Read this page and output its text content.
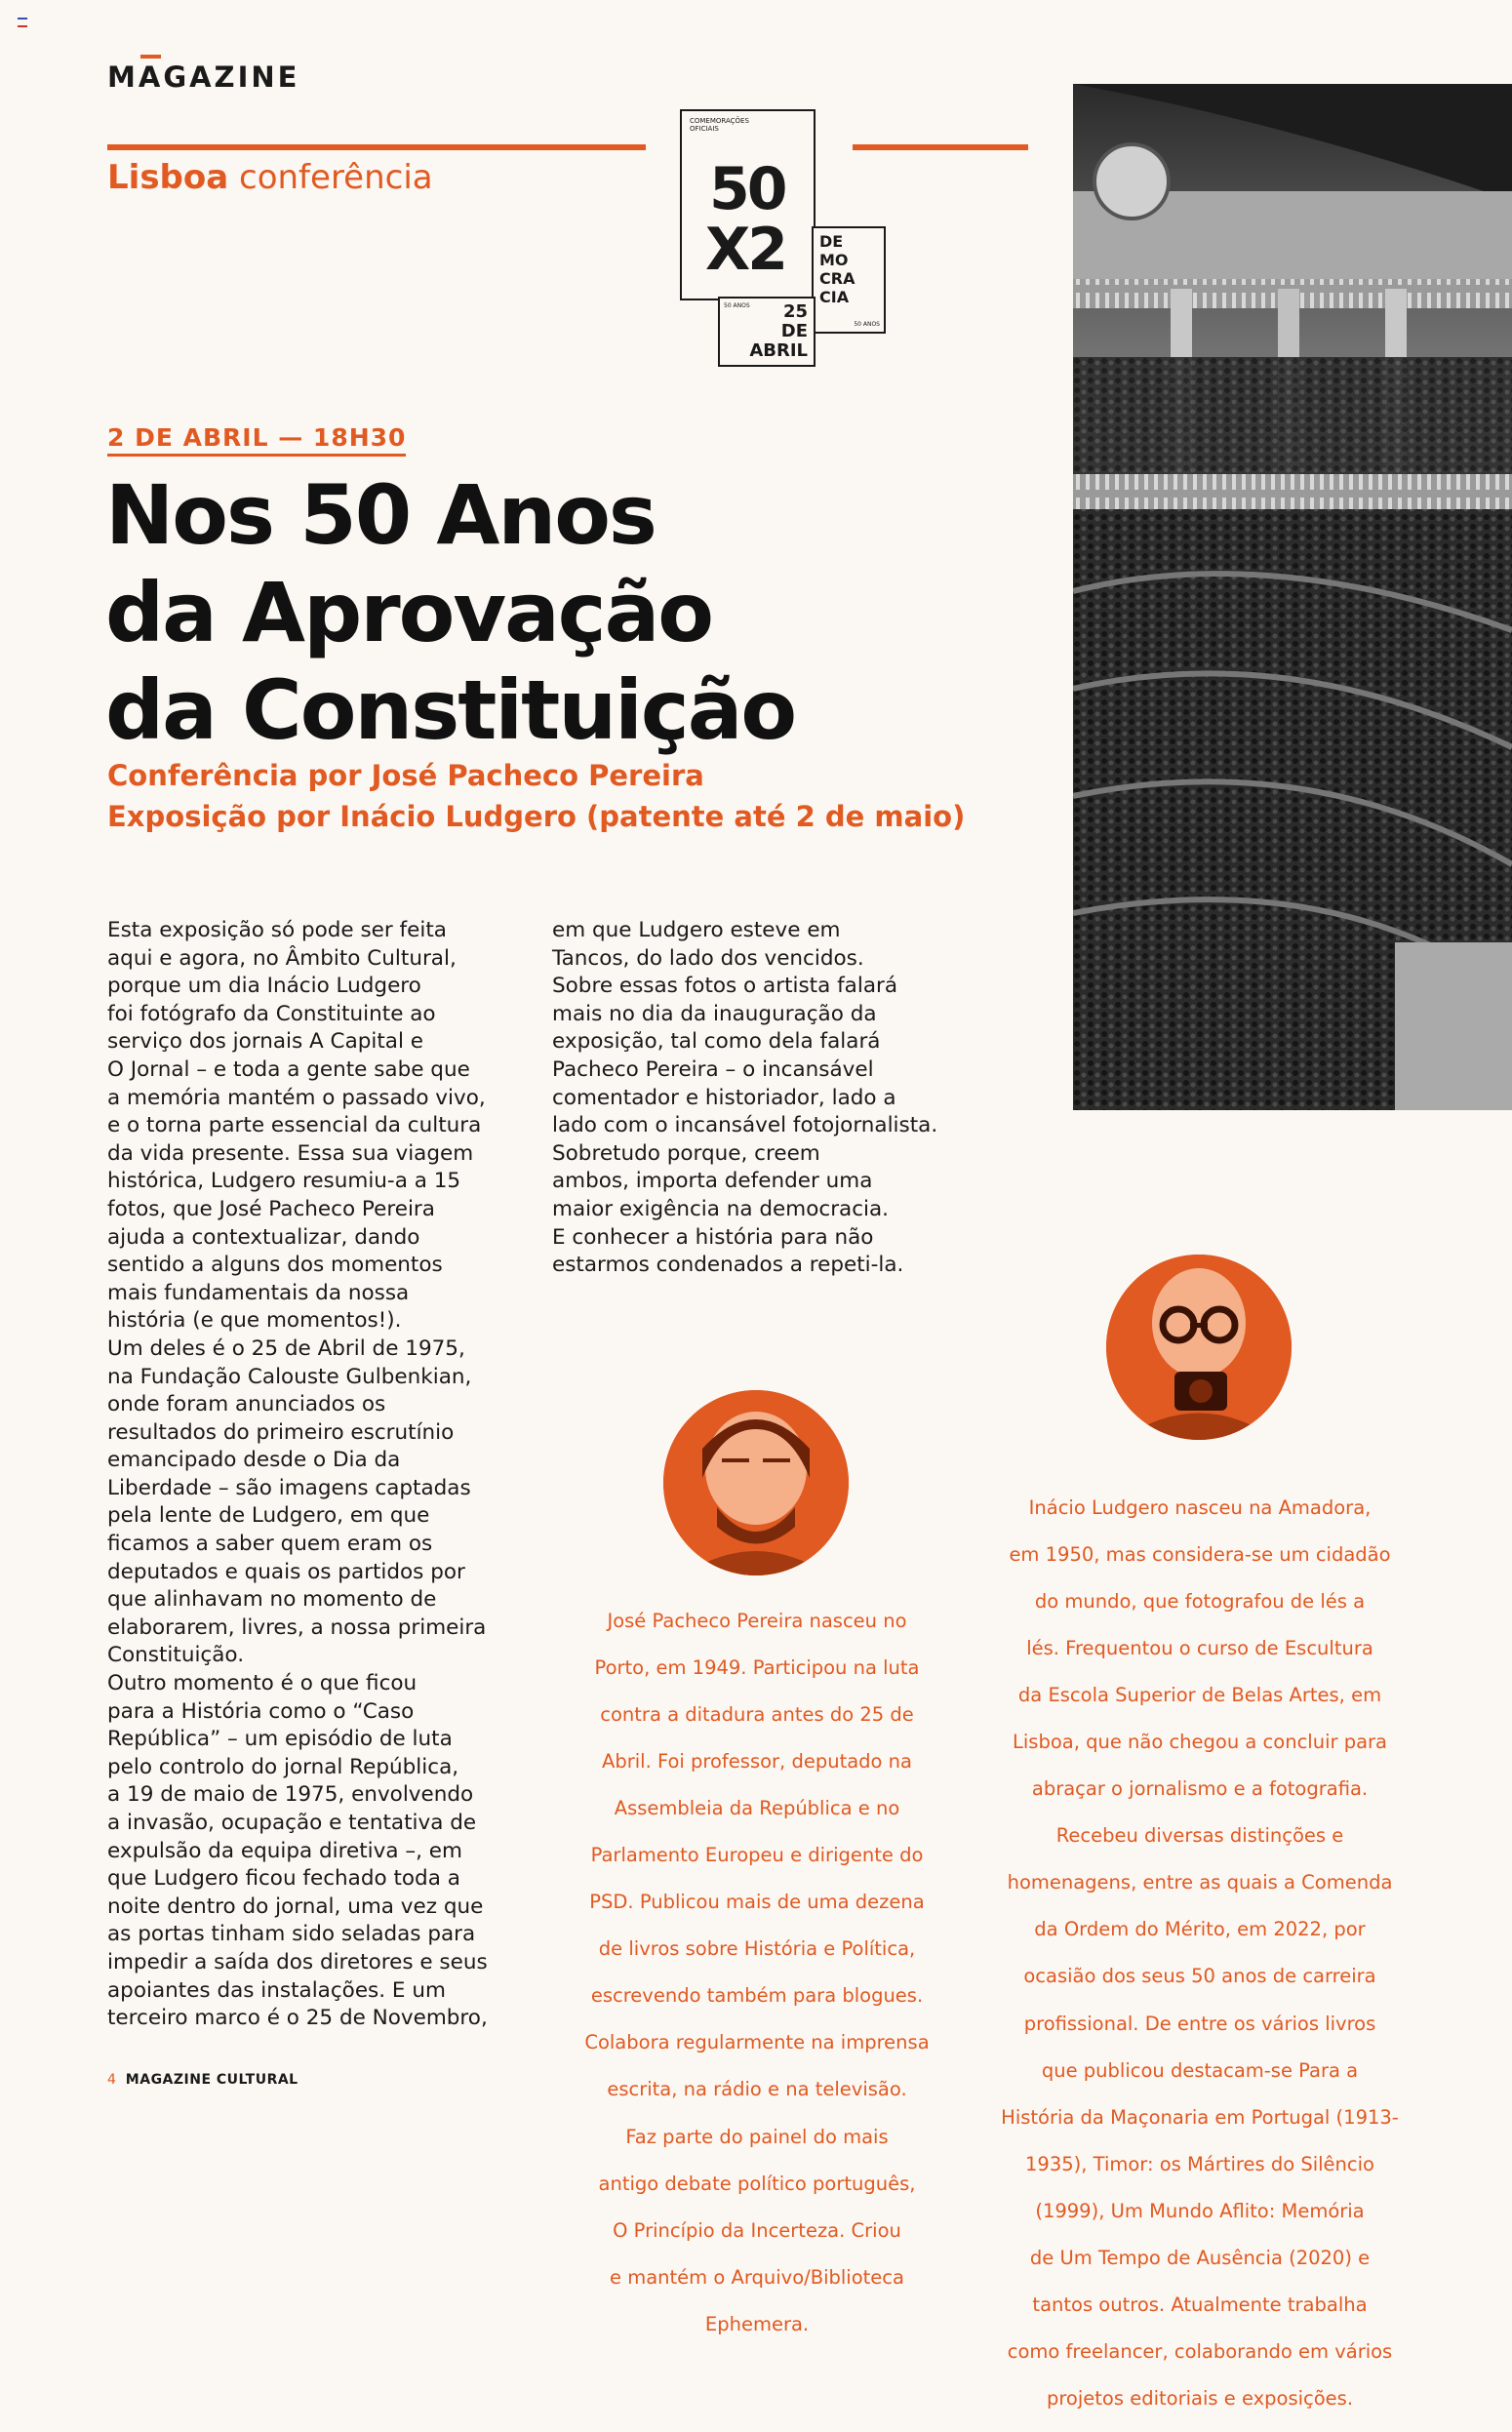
MAGAZINE
Lisboa conferência
COMEMORAÇÕES OFICIAIS
50
X2 DE
MO
CRA
CIA
50 ANOS
50 ANOS	25
DE
ABRIL
2 DE ABRIL — 18H30
Nos 50 Anos
da Aprovação
da Constituição
Conferência por José Pacheco Pereira
Exposição por Inácio Ludgero (patente até 2 de maio)

Esta exposição só pode ser feita

aqui e agora, no Âmbito Cultural,

porque um dia Inácio Ludgero

foi fotógrafo da Constituinte ao

serviço dos jornais A Capital e

O Jornal – e toda a gente sabe que

a memória mantém o passado vivo,

e o torna parte essencial da cultura

da vida presente. Essa sua viagem

histórica, Ludgero resumiu-a a 15

fotos, que José Pacheco Pereira

ajuda a contextualizar, dando

sentido a alguns dos momentos

mais fundamentais da nossa

história (e que momentos!).

Um deles é o 25 de Abril de 1975,

na Fundação Calouste Gulbenkian,

onde foram anunciados os

resultados do primeiro escrutínio

emancipado desde o Dia da

Liberdade – são imagens captadas

pela lente de Ludgero, em que

ficamos a saber quem eram os

deputados e quais os partidos por

que alinhavam no momento de

elaborarem, livres, a nossa primeira

Constituição.

Outro momento é o que ficou

para a História como o “Caso

República” – um episódio de luta

pelo controlo do jornal República,

a 19 de maio de 1975, envolvendo

a invasão, ocupação e tentativa de

expulsão da equipa diretiva –, em

que Ludgero ficou fechado toda a

noite dentro do jornal, uma vez que

as portas tinham sido seladas para

impedir a saída dos diretores e seus

apoiantes das instalações. E um

terceiro marco é o 25 de Novembro,

em que Ludgero esteve em

Tancos, do lado dos vencidos.

Sobre essas fotos o artista falará

mais no dia da inauguração da

exposição, tal como dela falará

Pacheco Pereira – o incansável

comentador e historiador, lado a

lado com o incansável fotojornalista.

Sobretudo porque, creem

ambos, importa defender uma

maior exigência na democracia.

E conhecer a história para não

estarmos condenados a repeti-la.

José Pacheco Pereira nasceu no

Porto, em 1949. Participou na luta

contra a ditadura antes do 25 de

Abril. Foi professor, deputado na

Assembleia da República e no

Parlamento Europeu e dirigente do

PSD. Publicou mais de uma dezena

de livros sobre História e Política,

escrevendo também para blogues.

Colabora regularmente na imprensa

escrita, na rádio e na televisão.

Faz parte do painel do mais

antigo debate político português,

O Princípio da Incerteza. Criou

e mantém o Arquivo/Biblioteca

Ephemera.

Inácio Ludgero nasceu na Amadora,

em 1950, mas considera-se um cidadão

do mundo, que fotografou de lés a

lés. Frequentou o curso de Escultura

da Escola Superior de Belas Artes, em

Lisboa, que não chegou a concluir para

abraçar o jornalismo e a fotografia.

Recebeu diversas distinções e

homenagens, entre as quais a Comenda

da Ordem do Mérito, em 2022, por

ocasião dos seus 50 anos de carreira

profissional. De entre os vários livros

que publicou destacam-se Para a

História da Maçonaria em Portugal (1913-

1935), Timor: os Mártires do Silêncio

(1999), Um Mundo Aflito: Memória

de Um Tempo de Ausência (2020) e

tantos outros. Atualmente trabalha

como freelancer, colaborando em vários

projetos editoriais e exposições.

4 MAGAZINE CULTURAL
